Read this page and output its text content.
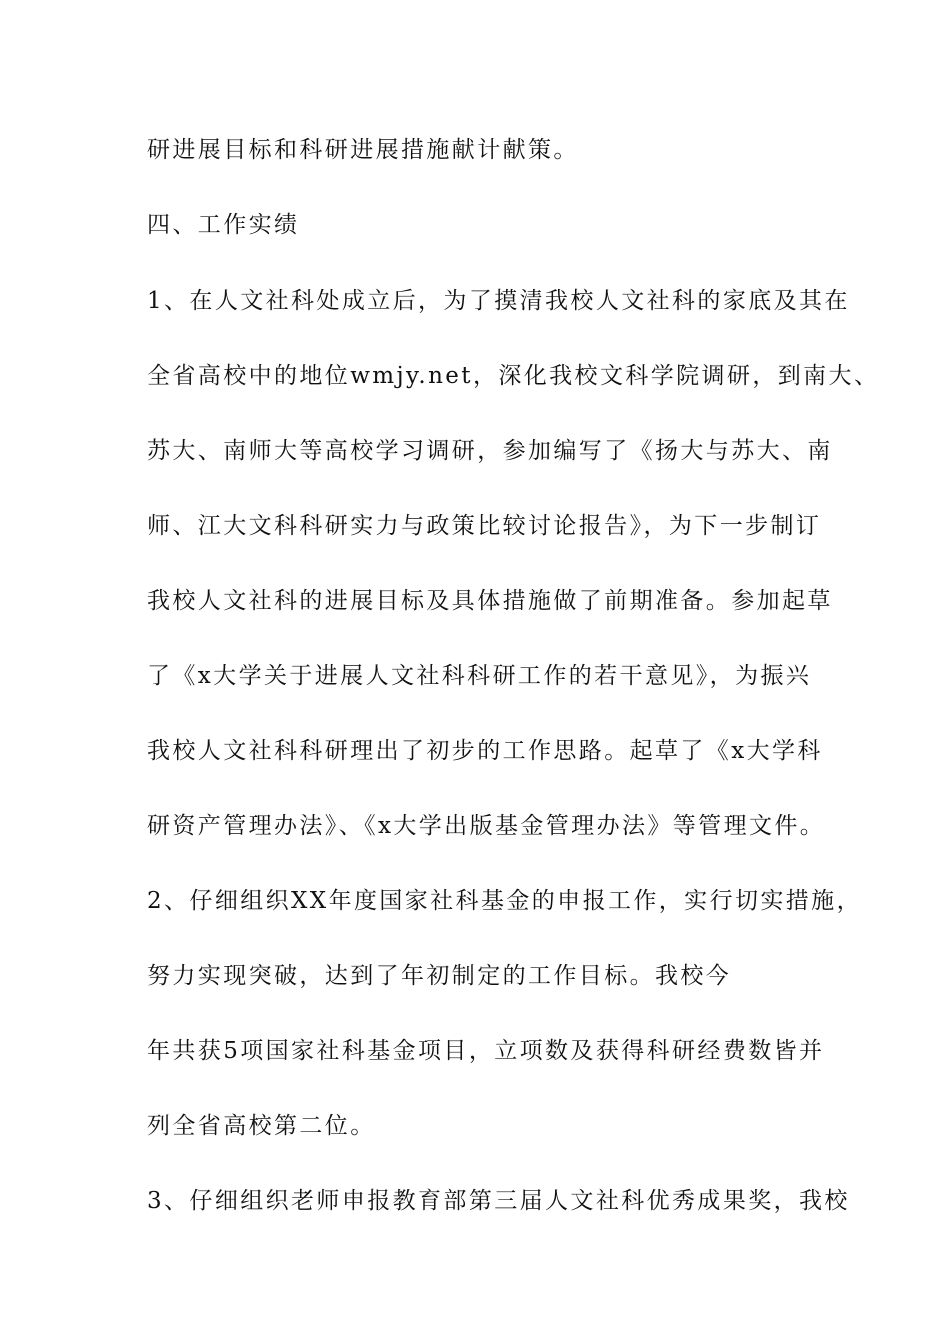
研进展目标和科研进展措施献计献策。

四、工作实绩

1、在人文社科处成立后，为了摸清我校人文社科的家底及其在

全省高校中的地位wmjy.net，深化我校文科学院调研，到南大、

苏大、南师大等高校学习调研，参加编写了《扬大与苏大、南

师、江大文科科研实力与政策比较讨论报告》，为下一步制订

我校人文社科的进展目标及具体措施做了前期准备。参加起草

了《x大学关于进展人文社科科研工作的若干意见》，为振兴

我校人文社科科研理出了初步的工作思路。起草了《x大学科

研资产管理办法》、《x大学出版基金管理办法》等管理文件。

2、仔细组织XX年度国家社科基金的申报工作，实行切实措施，

努力实现突破，达到了年初制定的工作目标。我校今

年共获5项国家社科基金项目，立项数及获得科研经费数皆并

列全省高校第二位。

3、仔细组织老师申报教育部第三届人文社科优秀成果奖，我校
